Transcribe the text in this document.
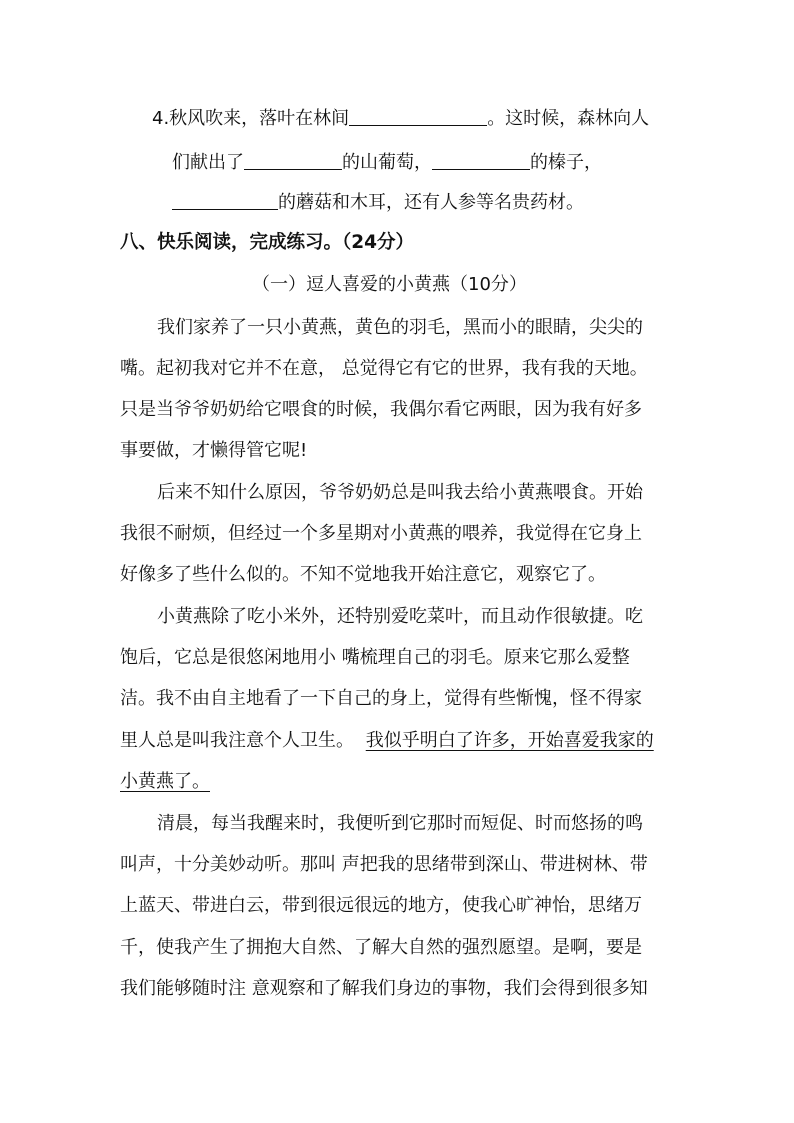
4.秋风吹来，落叶在林间	。这时候，森林向人
们献出了	的山葡萄，	的榛子，
的蘑菇和木耳，还有人参等名贵药材。
八、快乐阅读，完成练习。（24分）
（一）逗人喜爱的小黄燕（10分）
我们家养了一只小黄燕，黄色的羽毛，黑而小的眼睛，尖尖的
嘴。起初我对它并不在意， 总觉得它有它的世界，我有我的天地。
只是当爷爷奶奶给它喂食的时候，我偶尔看它两眼，因为我有好多
事要做，才懒得管它呢!
后来不知什么原因，爷爷奶奶总是叫我去给小黄燕喂食。开始
我很不耐烦，但经过一个多星期对小黄燕的喂养，我觉得在它身上
好像多了些什么似的。不知不觉地我开始注意它，观察它了。
小黄燕除了吃小米外，还特别爱吃菜叶，而且动作很敏捷。吃
饱后，它总是很悠闲地用小 嘴梳理自己的羽毛。原来它那么爱整
洁。我不由自主地看了一下自己的身上，觉得有些惭愧，怪不得家
里人总是叫我注意个人卫生。 我似乎明白了许多，开始喜爱我家的
小黄燕了。
清晨，每当我醒来时，我便听到它那时而短促、时而悠扬的鸣
叫声，十分美妙动听。那叫 声把我的思绪带到深山、带进树林、带
上蓝天、带进白云，带到很远很远的地方，使我心旷神怡，思绪万
千，使我产生了拥抱大自然、了解大自然的强烈愿望。是啊，要是
我们能够随时注 意观察和了解我们身边的事物，我们会得到很多知
